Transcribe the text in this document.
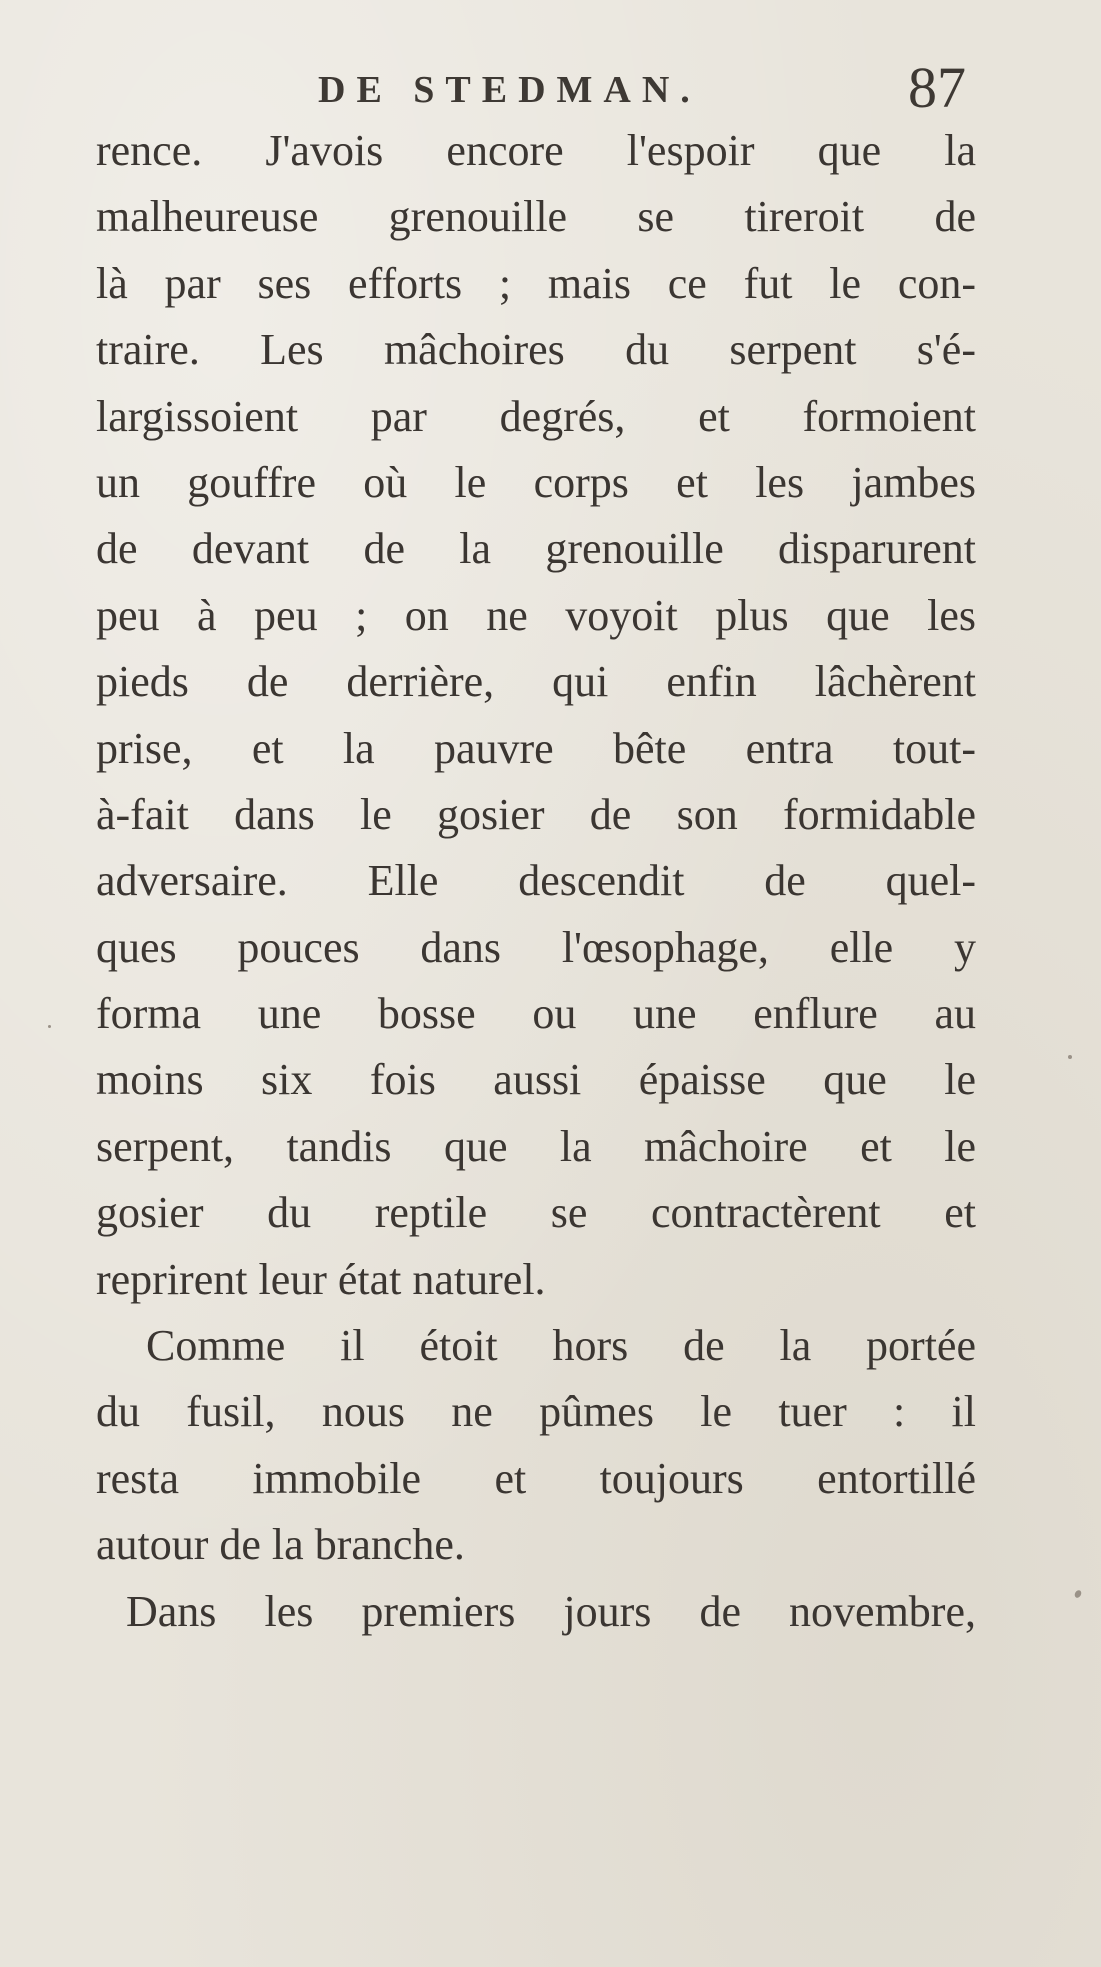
DE STEDMAN.	87
rence. J'avois encore l'espoir que la
malheureuse grenouille se tireroit de
là par ses efforts ; mais ce fut le con-
traire. Les mâchoires du serpent s'é-
largissoient par degrés, et formoient
un gouffre où le corps et les jambes
de devant de la grenouille disparurent
peu à peu ; on ne voyoit plus que les
pieds de derrière, qui enfin lâchèrent
prise, et la pauvre bête entra tout-
à-fait dans le gosier de son formidable
adversaire. Elle descendit de quel-
ques pouces dans l'œsophage, elle y
forma une bosse ou une enflure au
moins six fois aussi épaisse que le
serpent, tandis que la mâchoire et le
gosier du reptile se contractèrent et
reprirent leur état naturel.
Comme il étoit hors de la portée
du fusil, nous ne pûmes le tuer : il
resta immobile et toujours entortillé
autour de la branche.
Dans les premiers jours de novembre,
